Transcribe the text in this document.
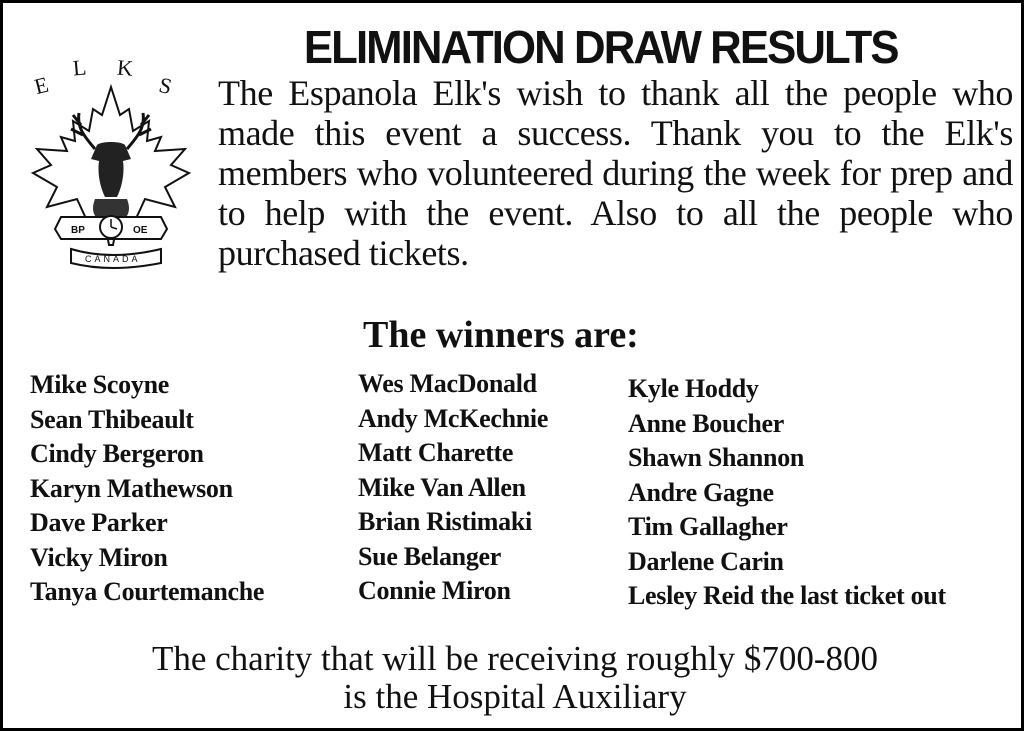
ELIMINATION DRAW RESULTS
E
L K
S
BP	OE
CANADA
The Espanola Elk's wish to thank all the people who made this event a success. Thank you to the Elk's members who volunteered during the week for prep and to help with the event. Also to all the people who purchased tickets.
The winners are:
Mike Scoyne
Sean Thibeault
Cindy Bergeron
Karyn Mathewson
Dave Parker
Vicky Miron
Tanya Courtemanche
Wes MacDonald
Andy McKechnie
Matt Charette
Mike Van Allen
Brian Ristimaki
Sue Belanger
Connie Miron
Kyle Hoddy
Anne Boucher
Shawn Shannon
Andre Gagne
Tim Gallagher
Darlene Carin
Lesley Reid the last ticket out
The charity that will be receiving roughly $700-800
is the Hospital Auxiliary
